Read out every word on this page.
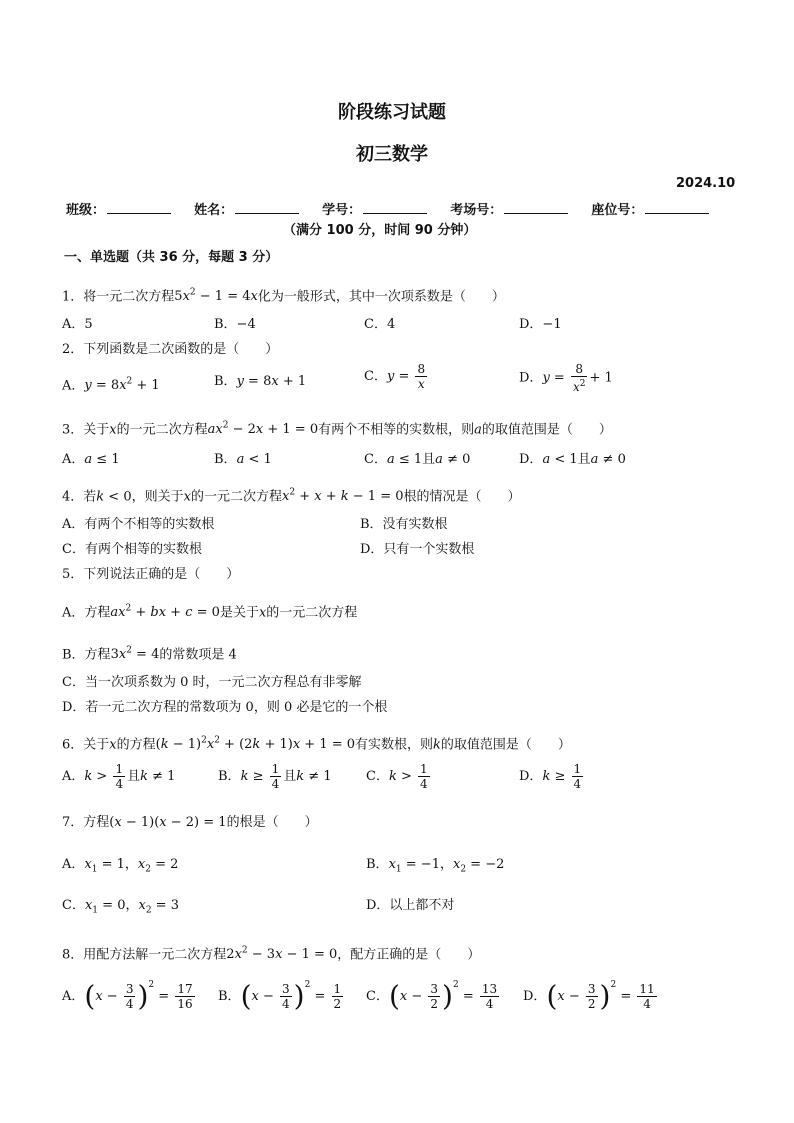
阶段练习试题
初三数学
2024.10
班级：	姓名：	学号：	考场号：	座位号：
（满分 100 分，时间 90 分钟）
一、单选题（共 36 分，每题 3 分）
1．将一元二次方程$5x^2 - 1 = 4x$化为一般形式，其中一次项系数是（　　）
A．5	B．−4	C．4	D．−1
2．下列函数是二次函数的是（　　）
A．$y = 8x^2 + 1$	B．y = 8x + 1	C．$y = \frac{8}{x}$	D．$y = \frac{8}{x^2} + 1$
3．关于x的一元二次方程$ax^2 - 2x + 1 = 0$有两个不相等的实数根，则a的取值范围是（　　）
A．a ≤ 1	B．a < 1	C．a ≤ 1且a ≠ 0	D．a < 1且a ≠ 0
4．若k < 0，则关于x的一元二次方程$x^2 + x + k - 1 = 0$根的情况是（　　）
A．有两个不相等的实数根	B．没有实数根
C．有两个相等的实数根	D．只有一个实数根
5．下列说法正确的是（　　）
A．方程$ax^2$ + bx + c = 0是关于x的一元二次方程
B．方程$3x^2 = 4$的常数项是 4
C．当一次项系数为 0 时，一元二次方程总有非零解
D．若一元二次方程的常数项为 0，则 0 必是它的一个根
6．关于x的方程$(k - 1)^2x^2 + (2k + 1)x + 1 = 0$有实数根，则k的取值范围是（　　）
A．$k > \frac{1}{4}$ 且k ≠ 1	B．$k \ge \frac{1}{4}$ 且k ≠ 1	C．$k > \frac{1}{4}$	D．$k \ge \frac{1}{4}$
7．方程(x − 1)(x − 2) = 1的根是（　　）
A．$x_1 = 1$，$x_2 = 2$	B．$x_1 = -1$，$x_2 = -2$
C．$x_1 = 0$，$x_2 = 3$	D．以上都不对
8．用配方法解一元二次方程$2x^2 - 3x - 1 = 0$，配方正确的是（　　）
A．$(x - \frac{3}{4} )^2 = \frac{17}{16}$ B．$(x - \frac{3}{4} )^2 = \frac{1}{2}$ C．$(x - \frac{3}{2} )^2 = \frac{13}{4}$ D．$(x - \frac{3}{2} )^2 = \frac{11}{4}$
